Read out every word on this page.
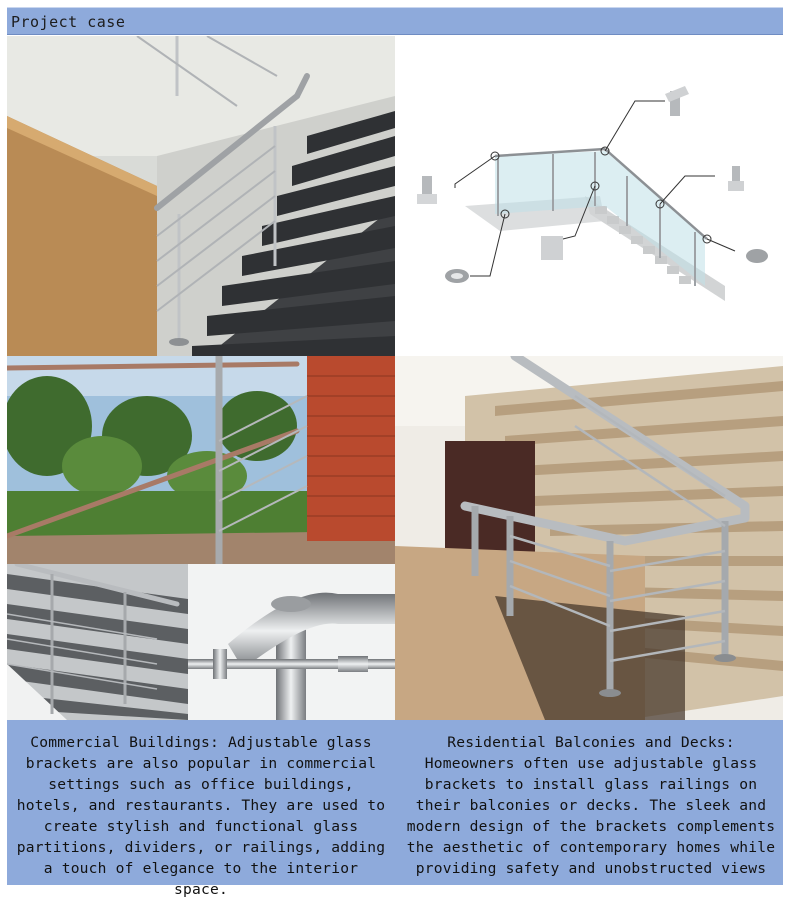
Project case
Commercial Buildings: Adjustable glass brackets are also popular in commercial settings such as office buildings, hotels, and restaurants. They are used to create stylish and functional glass partitions, dividers, or railings, adding a touch of elegance to the interior space.
Residential Balconies and Decks: Homeowners often use adjustable glass brackets to install glass railings on their balconies or decks. The sleek and modern design of the brackets complements the aesthetic of contemporary homes while providing safety and unobstructed views
